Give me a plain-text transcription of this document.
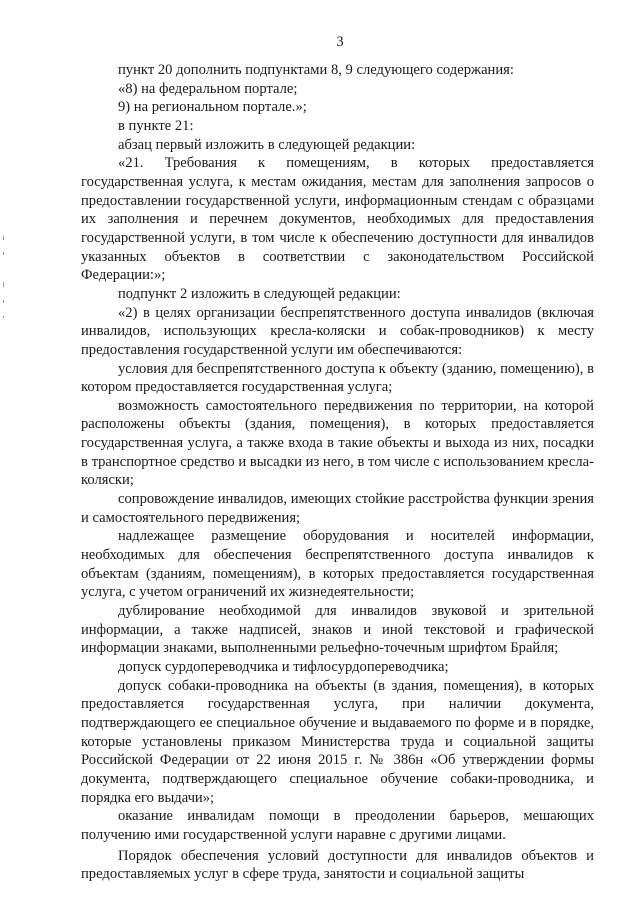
3

пункт 20 дополнить подпунктами 8, 9 следующего содержания:

«8) на федеральном портале;

9) на региональном портале.»;

в пункте 21:

абзац первый изложить в следующей редакции:

«21. Требования к помещениям, в которых предоставляется государственная услуга, к местам ожидания, местам для заполнения запросов о предоставлении государственной услуги, информационным стендам с образцами их заполнения и перечнем документов, необходимых для предоставления государственной услуги, в том числе к обеспечению доступности для инвалидов указанных объектов в соответствии с законодательством Российской Федерации:»;

подпункт 2 изложить в следующей редакции:

«2) в целях организации беспрепятственного доступа инвалидов (включая инвалидов, использующих кресла-коляски и собак-проводников) к месту предоставления государственной услуги им обеспечиваются:

условия для беспрепятственного доступа к объекту (зданию, помещению), в котором предоставляется государственная услуга;

возможность самостоятельного передвижения по территории, на которой расположены объекты (здания, помещения), в которых предоставляется государственная услуга, а также входа в такие объекты и выхода из них, посадки в транспортное средство и высадки из него, в том числе с использованием кресла-коляски;

сопровождение инвалидов, имеющих стойкие расстройства функции зрения и самостоятельного передвижения;

надлежащее размещение оборудования и носителей информации, необходимых для обеспечения беспрепятственного доступа инвалидов к объектам (зданиям, помещениям), в которых предоставляется государственная услуга, с учетом ограничений их жизнедеятельности;

дублирование необходимой для инвалидов звуковой и зрительной информации, а также надписей, знаков и иной текстовой и графической информации знаками, выполненными рельефно-точечным шрифтом Брайля;

допуск сурдопереводчика и тифлосурдопереводчика;

допуск собаки-проводника на объекты (в здания, помещения), в которых предоставляется государственная услуга, при наличии документа, подтверждающего ее специальное обучение и выдаваемого по форме и в порядке, которые установлены приказом Министерства труда и социальной защиты Российской Федерации от 22 июня 2015 г. № 386н «Об утверждении формы документа, подтверждающего специальное обучение собаки-проводника, и порядка его выдачи»;

оказание инвалидам помощи в преодолении барьеров, мешающих получению ими государственной услуги наравне с другими лицами.

Порядок обеспечения условий доступности для инвалидов объектов и предоставляемых услуг в сфере труда, занятости и социальной защиты
